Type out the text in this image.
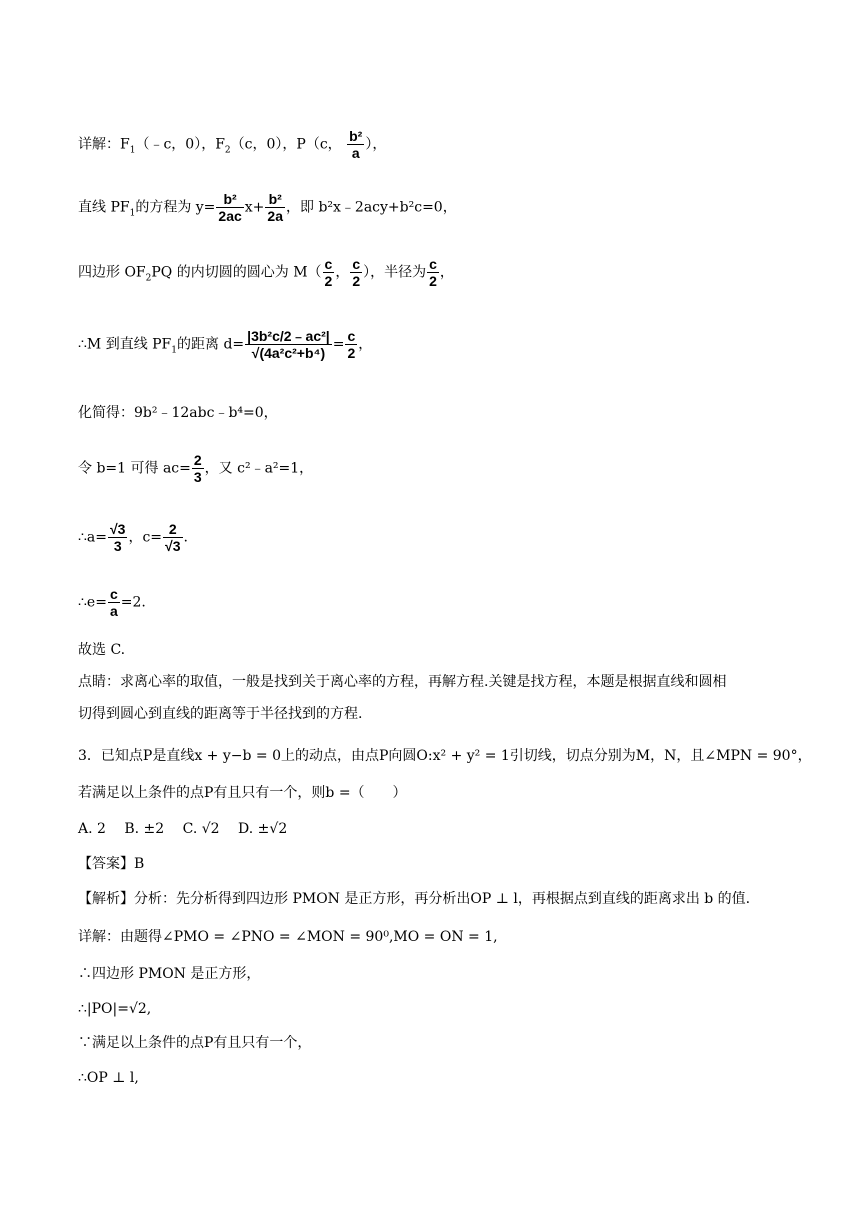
详解：$F_1(﹣c$，0），$F_2(c$，0），P（c， $\frac{\text{b²}}{a}$ ），
直线 $PF_1$的方程为 $y= \frac{\text{b²}}{2ac} x+ \frac{\text{b²}}{2a}$ ，即 b²x﹣2acy+b²c=0，
四边形 $OF_2PQ$ 的内切圆的圆心为 $M( \frac{c}{2}$ ， $\frac{c}{2}$ ），半径为 $\frac{c}{2}$ ，
∴M 到直线 $PF_1$的距离 $d= \frac{\text{|3b²c/2﹣ac²|}}{\text{√(4a²c²+b⁴)}} = \frac{c}{2}$ ，
化简得：9b²﹣12abc﹣b⁴=0，
令 b=1 可得 $ac= \frac{2}{3}$ ，又 c²﹣a²=1，
∴a= $\frac{√3}{3}$ ，$c= \frac{2}{√3}$ .
∴e= $\frac{c}{a} =2$.
故选 C.
点睛：求离心率的取值，一般是找到关于离心率的方程，再解方程.关键是找方程，本题是根据直线和圆相
切得到圆心到直线的距离等于半径找到的方程.
3．已知点P是直线x + y−b = 0上的动点，由点P向圆O:x² + y² = 1引切线，切点分别为M，N，且∠MPN = 90°，
若满足以上条件的点P有且只有一个，则b =（　　）
A. 2　 B. ±2　 C. √2　 D. ±√2
【答案】B
【解析】分析：先分析得到四边形 PMON 是正方形，再分析出OP ⊥ l，再根据点到直线的距离求出 b 的值.
详解：由题得∠PMO = ∠PNO = ∠MON = 90⁰,MO = ON = 1,
∴四边形 PMON 是正方形，
∴|PO|=√2,
∵满足以上条件的点P有且只有一个，
∴OP ⊥ l,
